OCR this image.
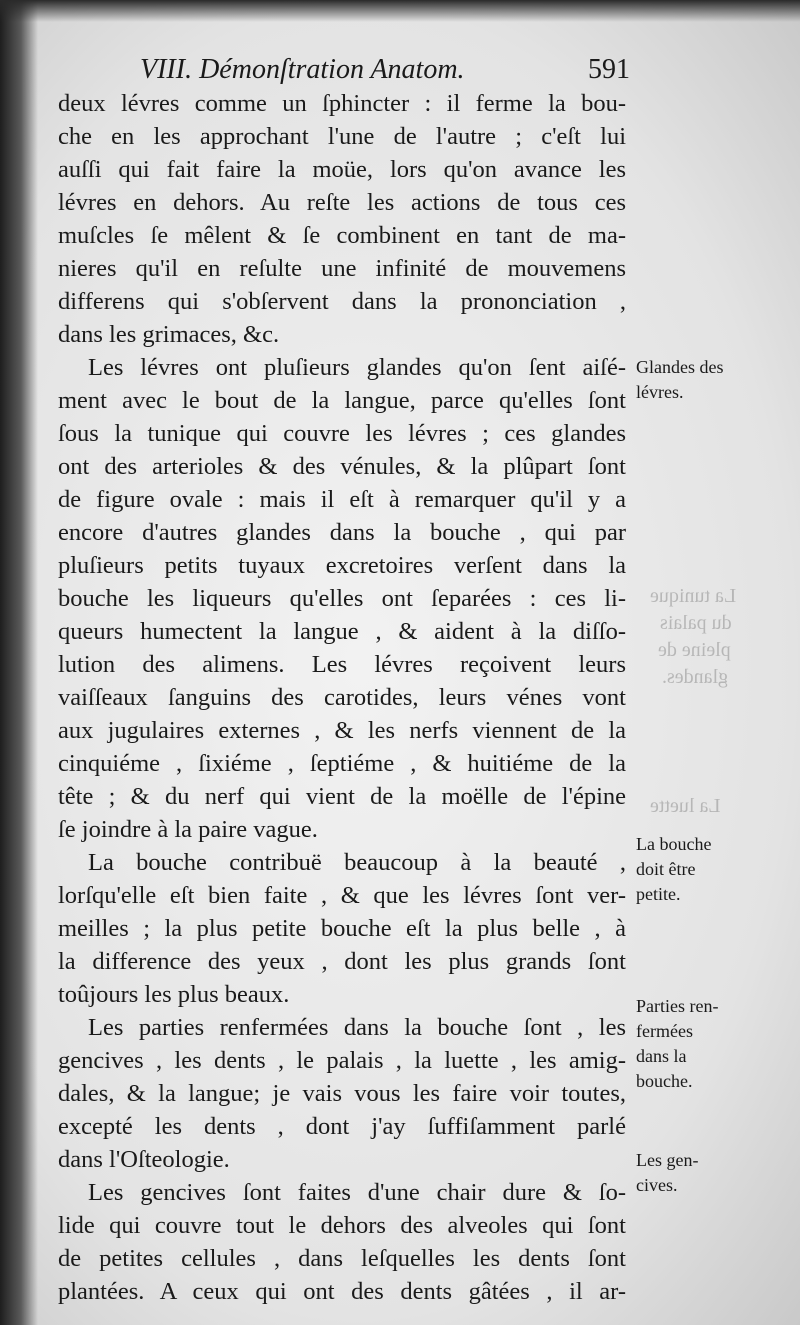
La tunique
du palais
pleine de
glandes.
La luette
VIII. Démonſtration Anatom.	591
deux lévres comme un ſphincter : il ferme la bou-
che en les approchant l'une de l'autre ; c'eſt lui
auſſi qui fait faire la moüe, lors qu'on avance les
lévres en dehors. Au reſte les actions de tous ces
muſcles ſe mêlent & ſe combinent en tant de ma-
nieres qu'il en reſulte une infinité de mouvemens
differens qui s'obſervent dans la prononciation ,
dans les grimaces, &c.
Les lévres ont pluſieurs glandes qu'on ſent aiſé-
ment avec le bout de la langue, parce qu'elles ſont
ſous la tunique qui couvre les lévres ; ces glandes
ont des arterioles & des vénules, & la plûpart ſont
de figure ovale : mais il eſt à remarquer qu'il y a
encore d'autres glandes dans la bouche , qui par
pluſieurs petits tuyaux excretoires verſent dans la
bouche les liqueurs qu'elles ont ſeparées : ces li-
queurs humectent la langue , & aident à la diſſo-
lution des alimens. Les lévres reçoivent leurs
vaiſſeaux ſanguins des carotides, leurs vénes vont
aux jugulaires externes , & les nerfs viennent de la
cinquiéme , ſixiéme , ſeptiéme , & huitiéme de la
tête ; & du nerf qui vient de la moëlle de l'épine
ſe joindre à la paire vague.
La bouche contribuë beaucoup à la beauté ,
lorſqu'elle eſt bien faite , & que les lévres ſont ver-
meilles ; la plus petite bouche eſt la plus belle , à
la difference des yeux , dont les plus grands ſont
toûjours les plus beaux.
Les parties renfermées dans la bouche ſont , les
gencives , les dents , le palais , la luette , les amig-
dales, & la langue; je vais vous les faire voir toutes,
excepté les dents , dont j'ay ſuffiſamment parlé
dans l'Oſteologie.
Les gencives ſont faites d'une chair dure & ſo-
lide qui couvre tout le dehors des alveoles qui ſont
de petites cellules , dans leſquelles les dents ſont
plantées. A ceux qui ont des dents gâtées , il ar-
Glandes des
lévres.
La bouche
doit être
petite.
Parties ren-
fermées
dans la
bouche.
Les gen-
cives.
